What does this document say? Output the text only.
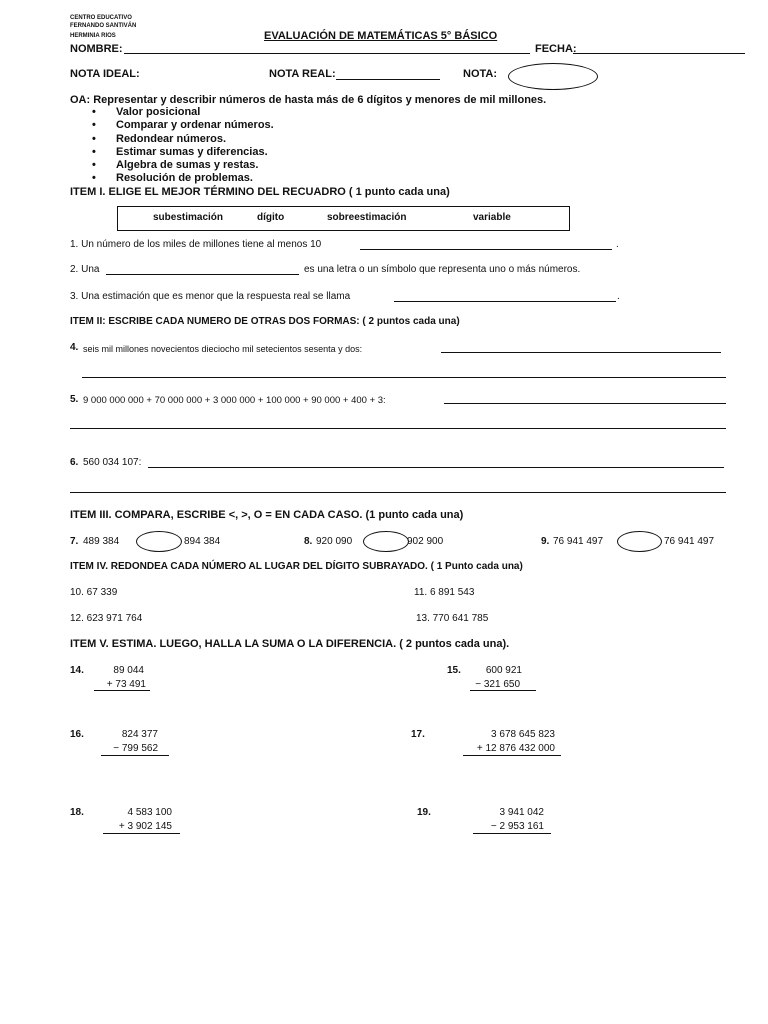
CENTRO EDUCATIVO
FERNANDO SANTIVÁN
HERMINIA RIOS	EVALUACIÓN DE MATEMÁTICAS 5° BÁSICO
NOMBRE:	FECHA:
NOTA IDEAL:	NOTA REAL:	NOTA:
OA: Representar y describir números de hasta más de 6 dígitos y menores de mil millones.
• Valor posicional
• Comparar y ordenar números.
• Redondear números.
• Estimar sumas y diferencias.
• Algebra de sumas y restas.
• Resolución de problemas.
ITEM I. ELIGE EL MEJOR TÉRMINO DEL RECUADRO ( 1 punto cada una)
subestimación	dígito	sobreestimación	variable
1. Un número de los miles de millones tiene al menos 10	.
2. Una	es una letra o un símbolo que representa uno o más números.
3. Una estimación que es menor que la respuesta real se llama	.
ITEM II: ESCRIBE CADA NUMERO DE OTRAS DOS FORMAS: ( 2 puntos cada una)
4. seis mil millones novecientos dieciocho mil setecientos sesenta y dos:
5. 9 000 000 000 + 70 000 000 + 3 000 000 + 100 000 + 90 000 + 400 + 3:
6. 560 034 107:
ITEM III. COMPARA, ESCRIBE <, >, O = EN CADA CASO. (1 punto cada una)
7. 489 384	894 384	8. 920 090	902 900	9. 76 941 497	76 941 497
ITEM IV. REDONDEA CADA NÚMERO AL LUGAR DEL DÍGITO SUBRAYADO. ( 1 Punto cada una)
10. 67 339	11. 6 891 543
12. 623 971 764	13. 770 641 785
ITEM V. ESTIMA. LUEGO, HALLA LA SUMA O LA DIFERENCIA. ( 2 puntos cada una).
14.	89 044
+ 73 491
15.	600 921
− 321 650
16.	824 377
− 799 562
17.	3 678 645 823
+ 12 876 432 000
18.	4 583 100
+ 3 902 145
19.	3 941 042
− 2 953 161
